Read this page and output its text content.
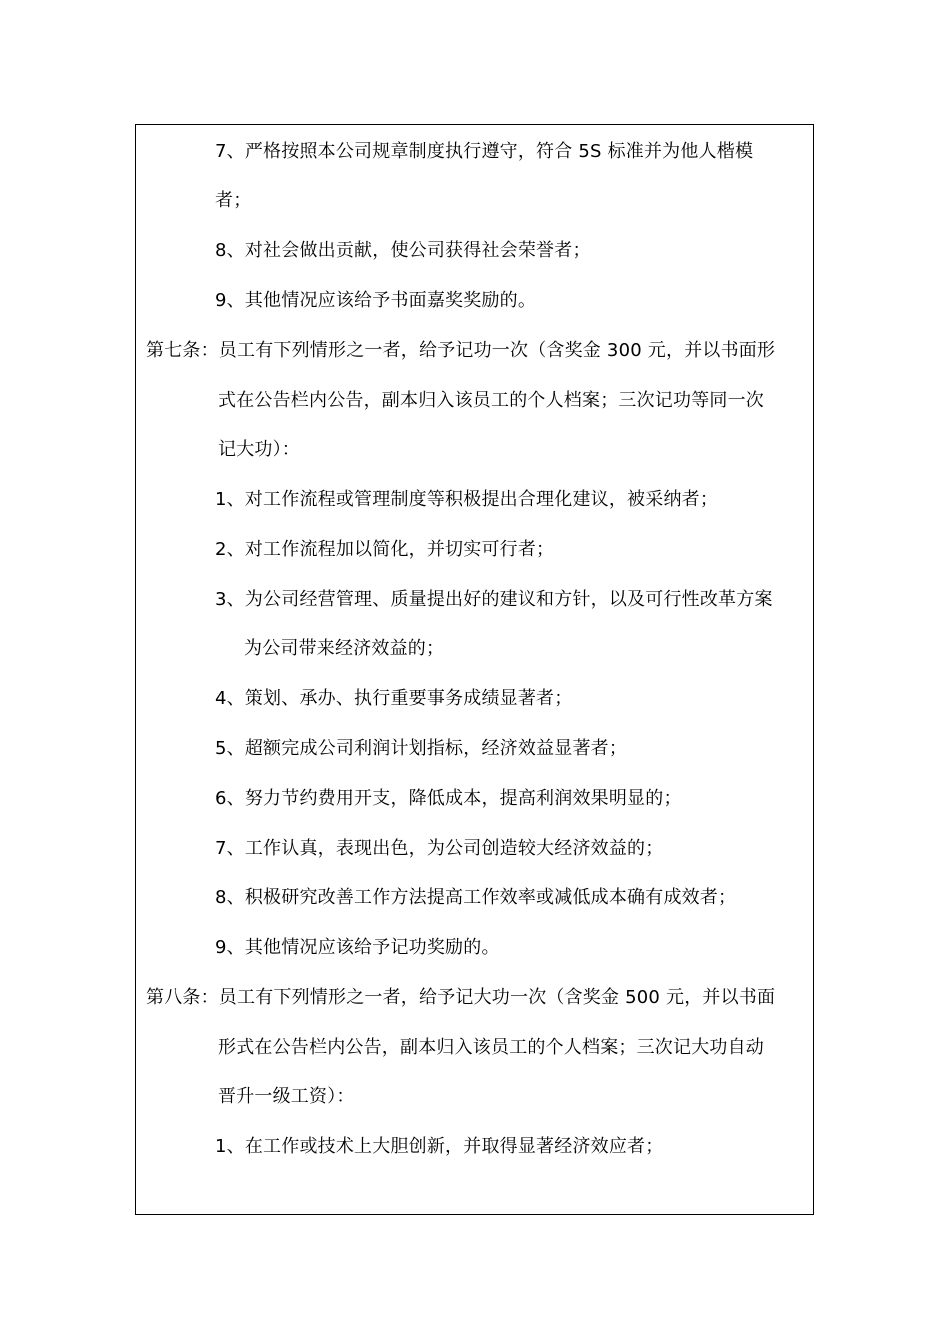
7、严格按照本公司规章制度执行遵守，符合 5S 标准并为他人楷模
者；
8、对社会做出贡献，使公司获得社会荣誉者；
9、其他情况应该给予书面嘉奖奖励的。
第七条：员工有下列情形之一者，给予记功一次（含奖金 300 元，并以书面形
式在公告栏内公告，副本归入该员工的个人档案；三次记功等同一次
记大功）：
1、对工作流程或管理制度等积极提出合理化建议，被采纳者；
2、对工作流程加以简化，并切实可行者；
3、为公司经营管理、质量提出好的建议和方针，以及可行性改革方案
为公司带来经济效益的；
4、策划、承办、执行重要事务成绩显著者；
5、超额完成公司利润计划指标，经济效益显著者；
6、努力节约费用开支，降低成本，提高利润效果明显的；
7、工作认真，表现出色，为公司创造较大经济效益的；
8、积极研究改善工作方法提高工作效率或减低成本确有成效者；
9、其他情况应该给予记功奖励的。
第八条：员工有下列情形之一者，给予记大功一次（含奖金 500 元，并以书面
形式在公告栏内公告，副本归入该员工的个人档案；三次记大功自动
晋升一级工资）：
1、在工作或技术上大胆创新，并取得显著经济效应者；
